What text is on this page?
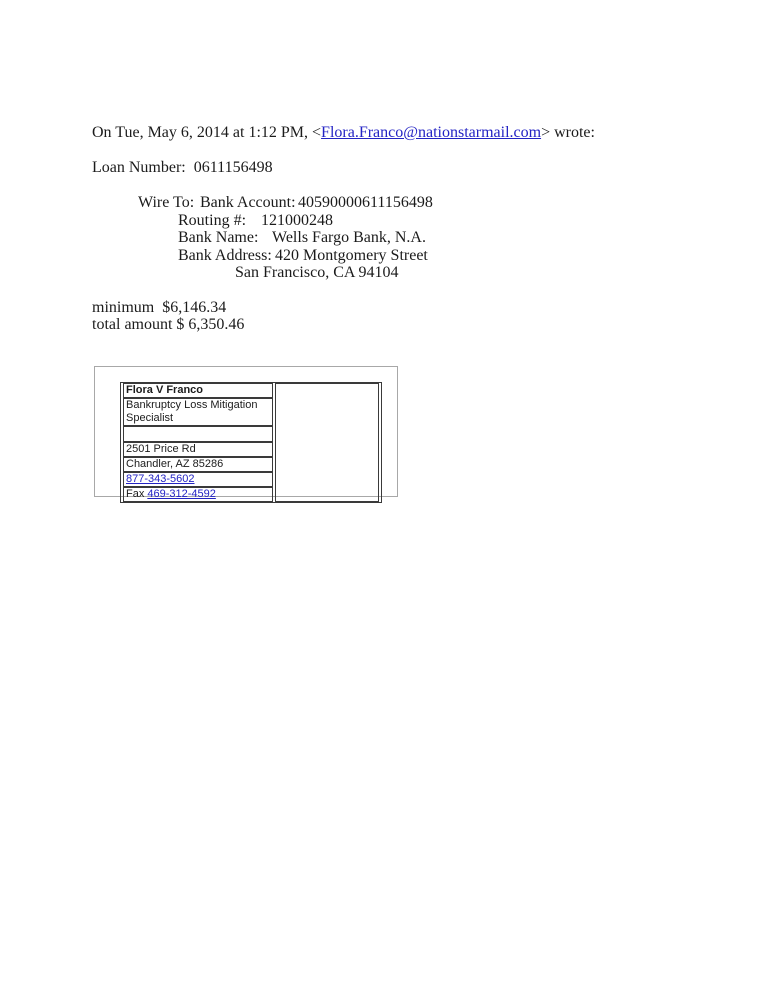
On Tue, May 6, 2014 at 1:12 PM, <Flora.Franco@nationstarmail.com> wrote:

Loan Number:  0611156498

Wire To: Bank Account: 40590000611156498
Routing #: 121000248
Bank Name: Wells Fargo Bank, N.A.
Bank Address: 420 Montgomery Street
San Francisco, CA 94104

minimum  $6,146.34

total amount $ 6,350.46

Flora V Franco	
Bankruptcy Loss Mitigation Specialist

2501 Price Rd
Chandler, AZ 85286
877-343-5602
Fax 469-312-4592
